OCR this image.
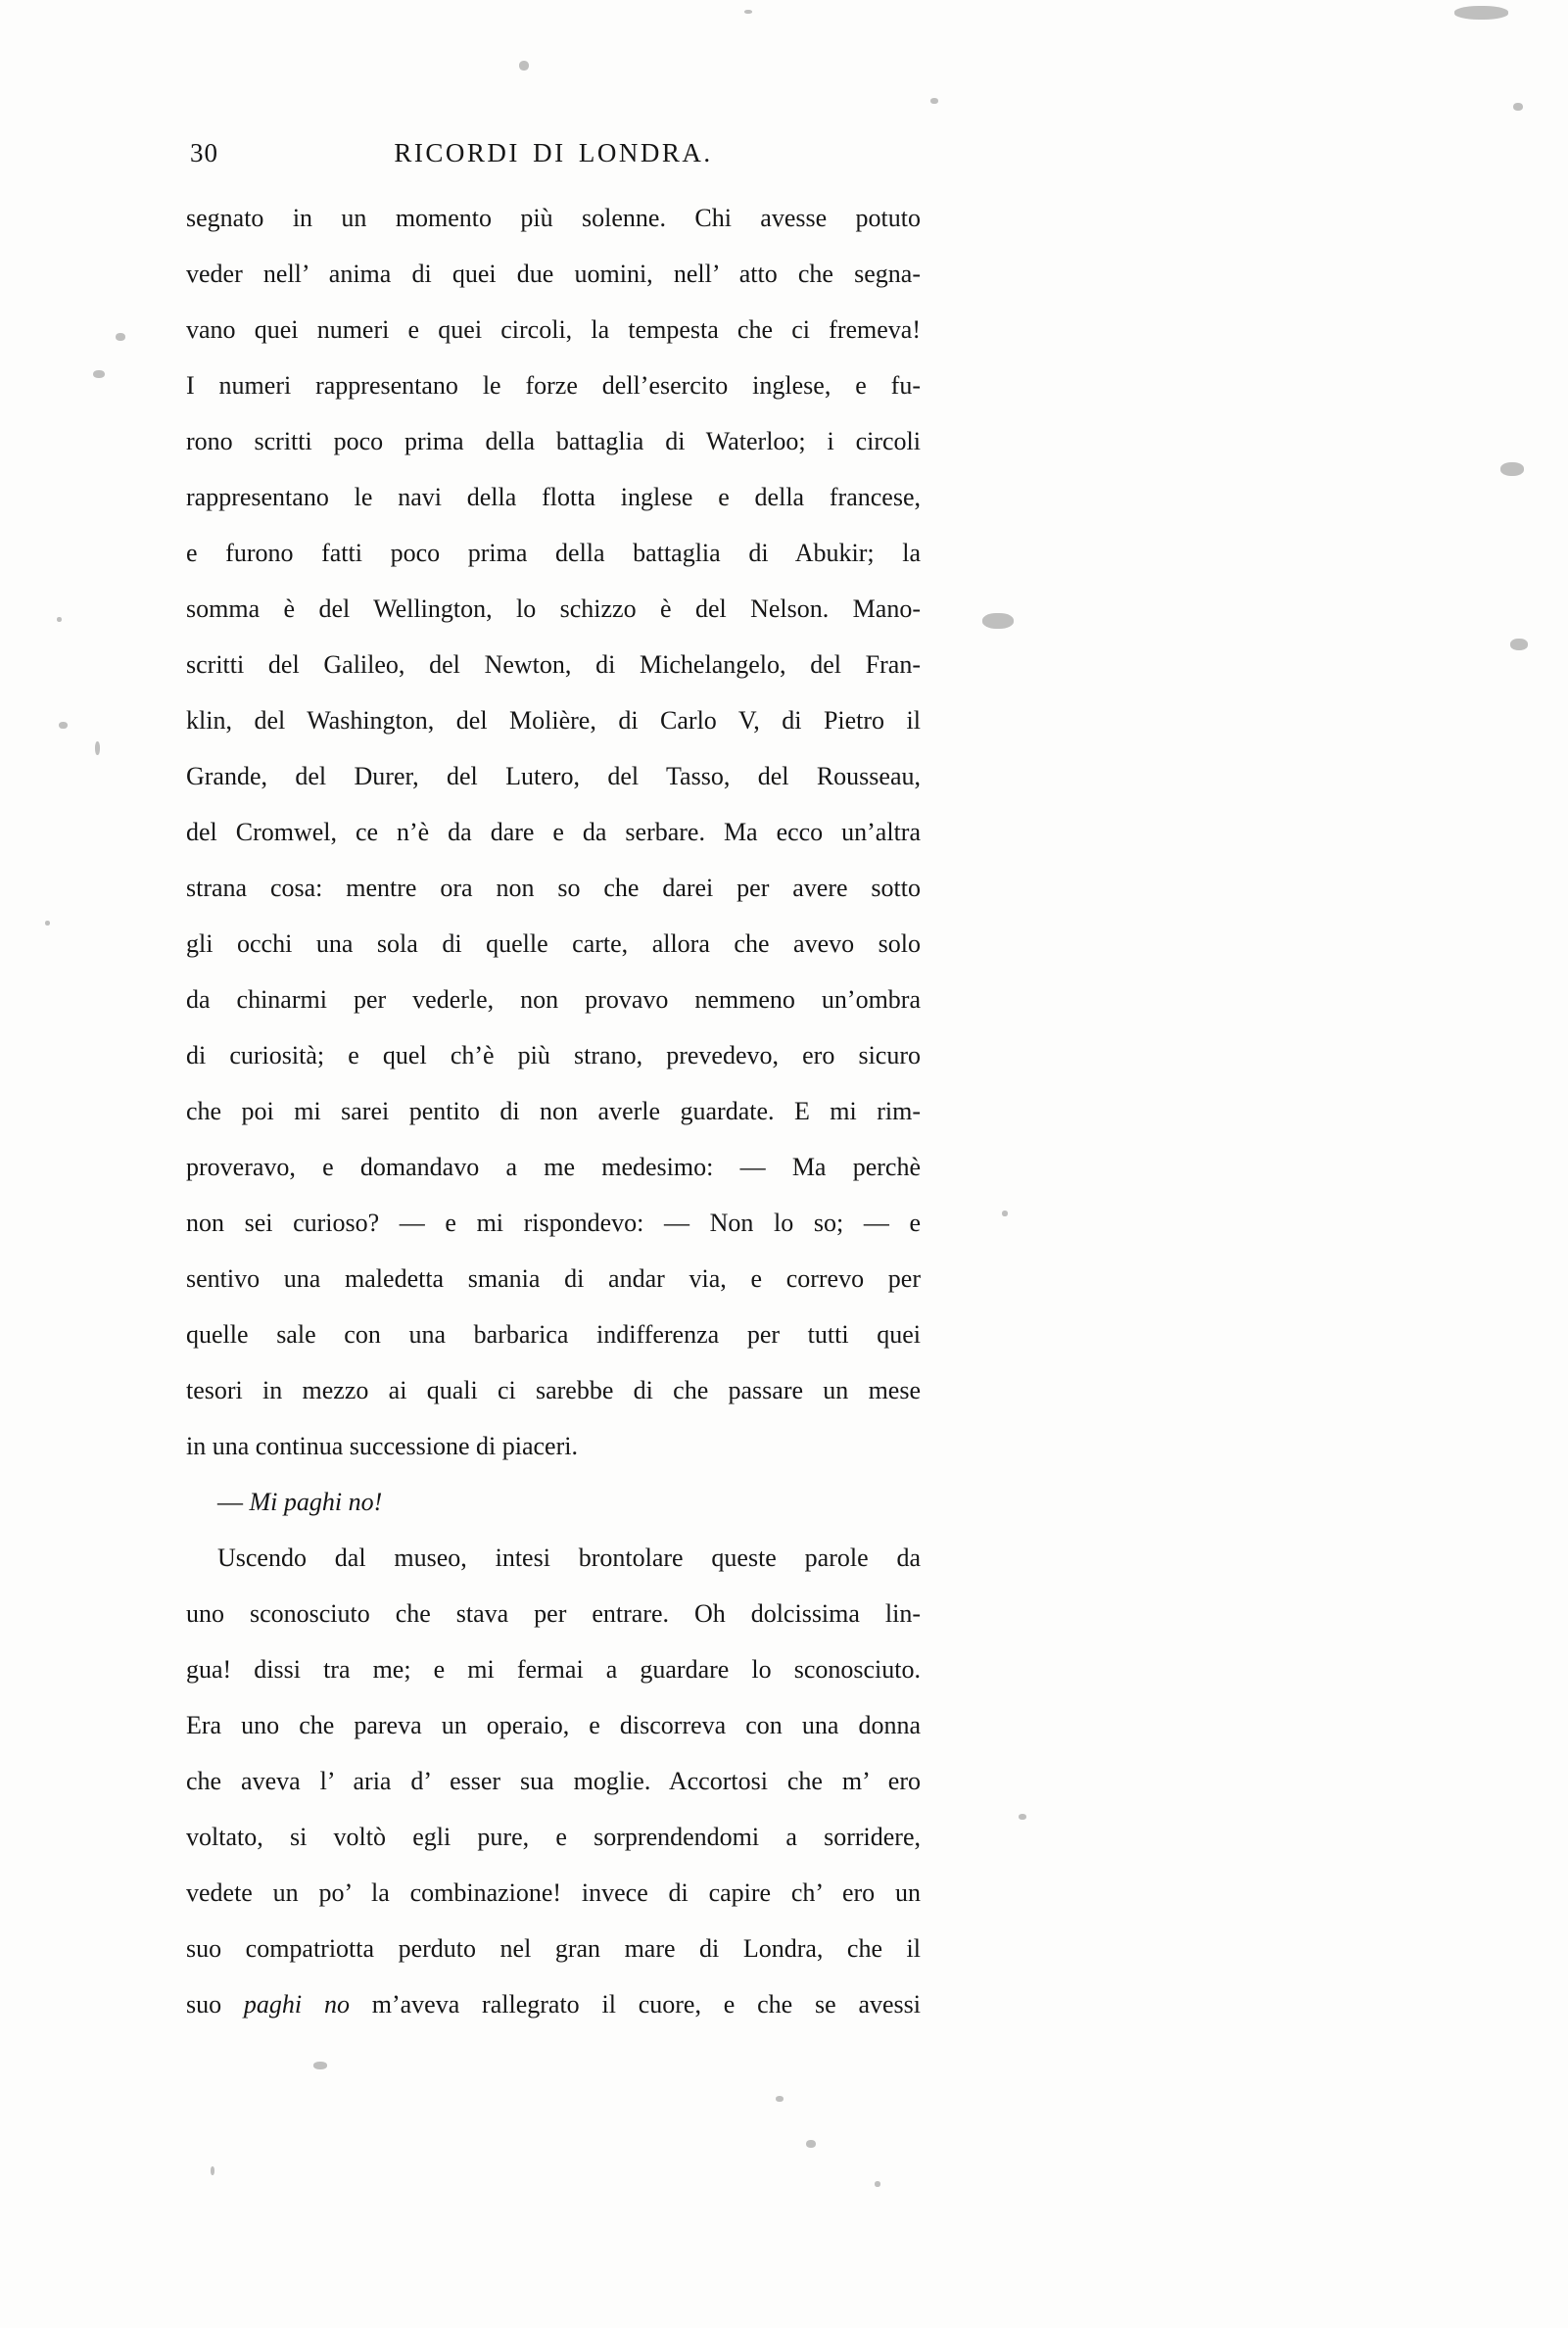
30	RICORDI DI LONDRA.
segnato in un momento più solenne. Chi avesse potuto
veder nell’ anima di quei due uomini, nell’ atto che segna-
vano quei numeri e quei circoli, la tempesta che ci fremeva!
I numeri rappresentano le forze dell’esercito inglese, e fu-
rono scritti poco prima della battaglia di Waterloo; i circoli
rappresentano le navi della flotta inglese e della francese,
e furono fatti poco prima della battaglia di Abukir; la
somma è del Wellington, lo schizzo è del Nelson. Mano-
scritti del Galileo, del Newton, di Michelangelo, del Fran-
klin, del Washington, del Molière, di Carlo V, di Pietro il
Grande, del Durer, del Lutero, del Tasso, del Rousseau,
del Cromwel, ce n’è da dare e da serbare. Ma ecco un’altra
strana cosa: mentre ora non so che darei per avere sotto
gli occhi una sola di quelle carte, allora che avevo solo
da chinarmi per vederle, non provavo nemmeno un’ombra
di curiosità; e quel ch’è più strano, prevedevo, ero sicuro
che poi mi sarei pentito di non averle guardate. E mi rim-
proveravo, e domandavo a me medesimo: — Ma perchè
non sei curioso? — e mi rispondevo: — Non lo so; — e
sentivo una maledetta smania di andar via, e correvo per
quelle sale con una barbarica indifferenza per tutti quei
tesori in mezzo ai quali ci sarebbe di che passare un mese
in una continua successione di piaceri.
— Mi paghi no!
Uscendo dal museo, intesi brontolare queste parole da
uno sconosciuto che stava per entrare. Oh dolcissima lin-
gua! dissi tra me; e mi fermai a guardare lo sconosciuto.
Era uno che pareva un operaio, e discorreva con una donna
che aveva l’ aria d’ esser sua moglie. Accortosi che m’ ero
voltato, si voltò egli pure, e sorprendendomi a sorridere,
vedete un po’ la combinazione! invece di capire ch’ ero un
suo compatriotta perduto nel gran mare di Londra, che il
suo paghi no m’aveva rallegrato il cuore, e che se avessi
